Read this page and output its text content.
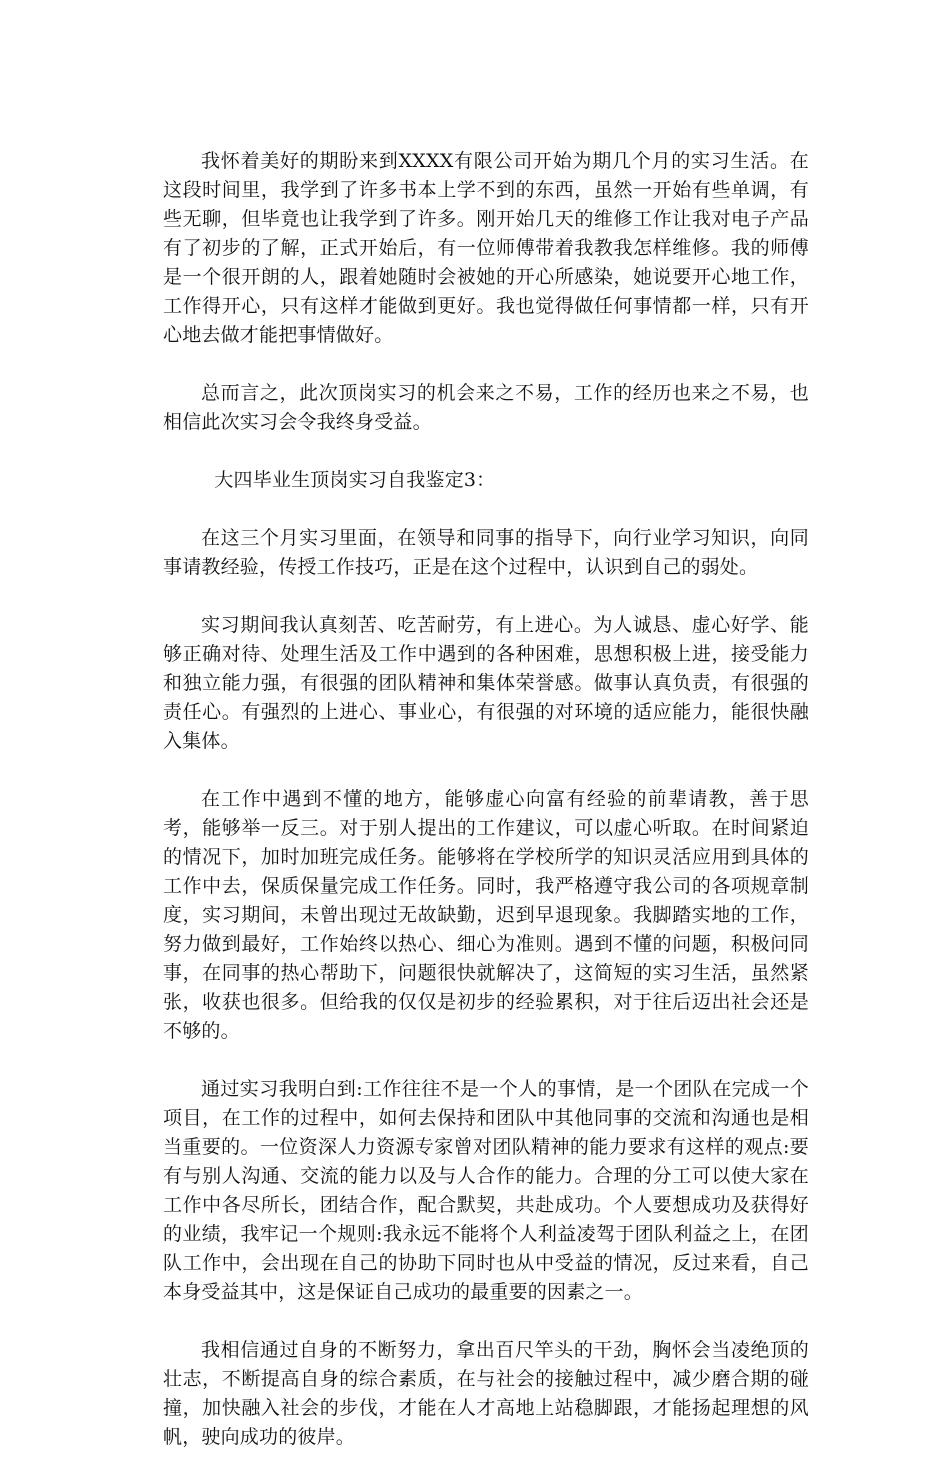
我怀着美好的期盼来到XXXX有限公司开始为期几个月的实习生活。在这段时间里，我学到了许多书本上学不到的东西，虽然一开始有些单调，有些无聊，但毕竟也让我学到了许多。刚开始几天的维修工作让我对电子产品有了初步的了解，正式开始后，有一位师傅带着我教我怎样维修。我的师傅是一个很开朗的人，跟着她随时会被她的开心所感染，她说要开心地工作，工作得开心，只有这样才能做到更好。我也觉得做任何事情都一样，只有开心地去做才能把事情做好。

总而言之，此次顶岗实习的机会来之不易，工作的经历也来之不易，也相信此次实习会令我终身受益。

大四毕业生顶岗实习自我鉴定3：

在这三个月实习里面，在领导和同事的指导下，向行业学习知识，向同事请教经验，传授工作技巧，正是在这个过程中，认识到自己的弱处。

实习期间我认真刻苦、吃苦耐劳，有上进心。为人诚恳、虚心好学、能够正确对待、处理生活及工作中遇到的各种困难，思想积极上进，接受能力和独立能力强，有很强的团队精神和集体荣誉感。做事认真负责，有很强的责任心。有强烈的上进心、事业心，有很强的对环境的适应能力，能很快融入集体。

在工作中遇到不懂的地方，能够虚心向富有经验的前辈请教，善于思考，能够举一反三。对于别人提出的工作建议，可以虚心听取。在时间紧迫的情况下，加时加班完成任务。能够将在学校所学的知识灵活应用到具体的工作中去，保质保量完成工作任务。同时，我严格遵守我公司的各项规章制度，实习期间，未曾出现过无故缺勤，迟到早退现象。我脚踏实地的工作，努力做到最好，工作始终以热心、细心为准则。遇到不懂的问题，积极问同事，在同事的热心帮助下，问题很快就解决了，这简短的实习生活，虽然紧张，收获也很多。但给我的仅仅是初步的经验累积，对于往后迈出社会还是不够的。

通过实习我明白到:工作往往不是一个人的事情，是一个团队在完成一个项目，在工作的过程中，如何去保持和团队中其他同事的交流和沟通也是相当重要的。一位资深人力资源专家曾对团队精神的能力要求有这样的观点:要有与别人沟通、交流的能力以及与人合作的能力。合理的分工可以使大家在工作中各尽所长，团结合作，配合默契，共赴成功。个人要想成功及获得好的业绩，我牢记一个规则:我永远不能将个人利益凌驾于团队利益之上，在团队工作中，会出现在自己的协助下同时也从中受益的情况，反过来看，自己本身受益其中，这是保证自己成功的最重要的因素之一。

我相信通过自身的不断努力，拿出百尺竿头的干劲，胸怀会当凌绝顶的壮志，不断提高自身的综合素质，在与社会的接触过程中，减少磨合期的碰撞，加快融入社会的步伐，才能在人才高地上站稳脚跟，才能扬起理想的风帆，驶向成功的彼岸。
